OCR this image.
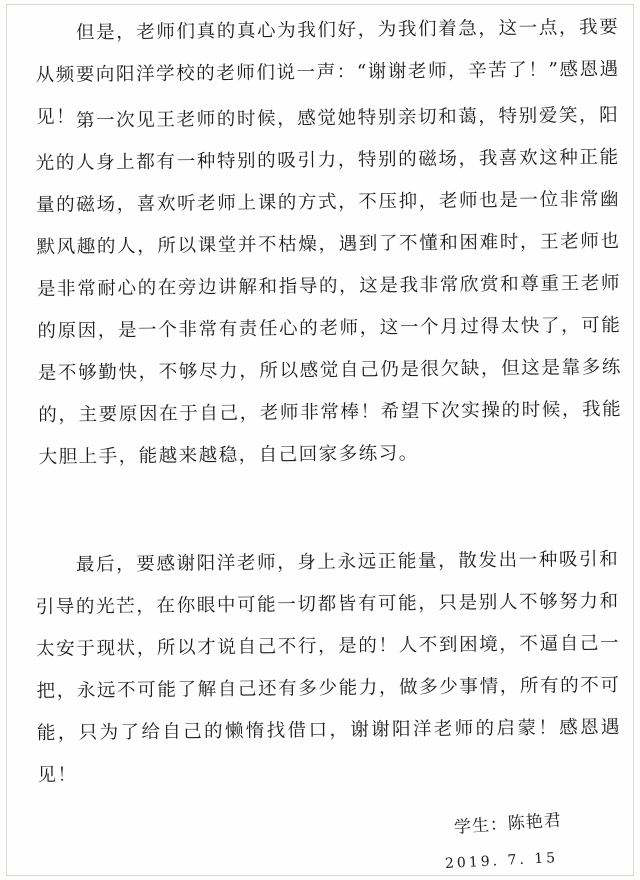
但是，老师们真的真心为我们好，为我们着急，这一点，我要从频要向阳洋学校的老师们说一声：“谢谢老师，辛苦了！”感恩遇见！ 第一次见王老师的时候，感觉她特别亲切和蔼，特别爱笑，阳光的人身上都有一种特别的吸引力，特别的磁场，我喜欢这种正能量的磁场，喜欢听老师上课的方式，不压抑，老师也是一位非常幽默风趣的人，所以课堂并不枯燥，遇到了不懂和困难时，王老师也是非常耐心的在旁边讲解和指导的，这是我非常欣赏和尊重王老师的原因，是一个非常有责任心的老师，这一个月过得太快了，可能是不够勤快，不够尽力，所以感觉自己仍是很欠缺，但这是靠多练的，主要原因在于自己，老师非常棒！希望下次实操的时候，我能大胆上手，能越来越稳，自己回家多练习。

最后，要感谢阳洋老师，身上永远正能量，散发出一种吸引和引导的光芒，在你眼中可能一切都皆有可能，只是别人不够努力和太安于现状，所以才说自己不行，是的！人不到困境，不逼自己一把，永远不可能了解自己还有多少能力，做多少事情，所有的不可能，只为了给自己的懒惰找借口，谢谢阳洋老师的启蒙！感恩遇见！

学生：陈艳君
2019. 7. 15
